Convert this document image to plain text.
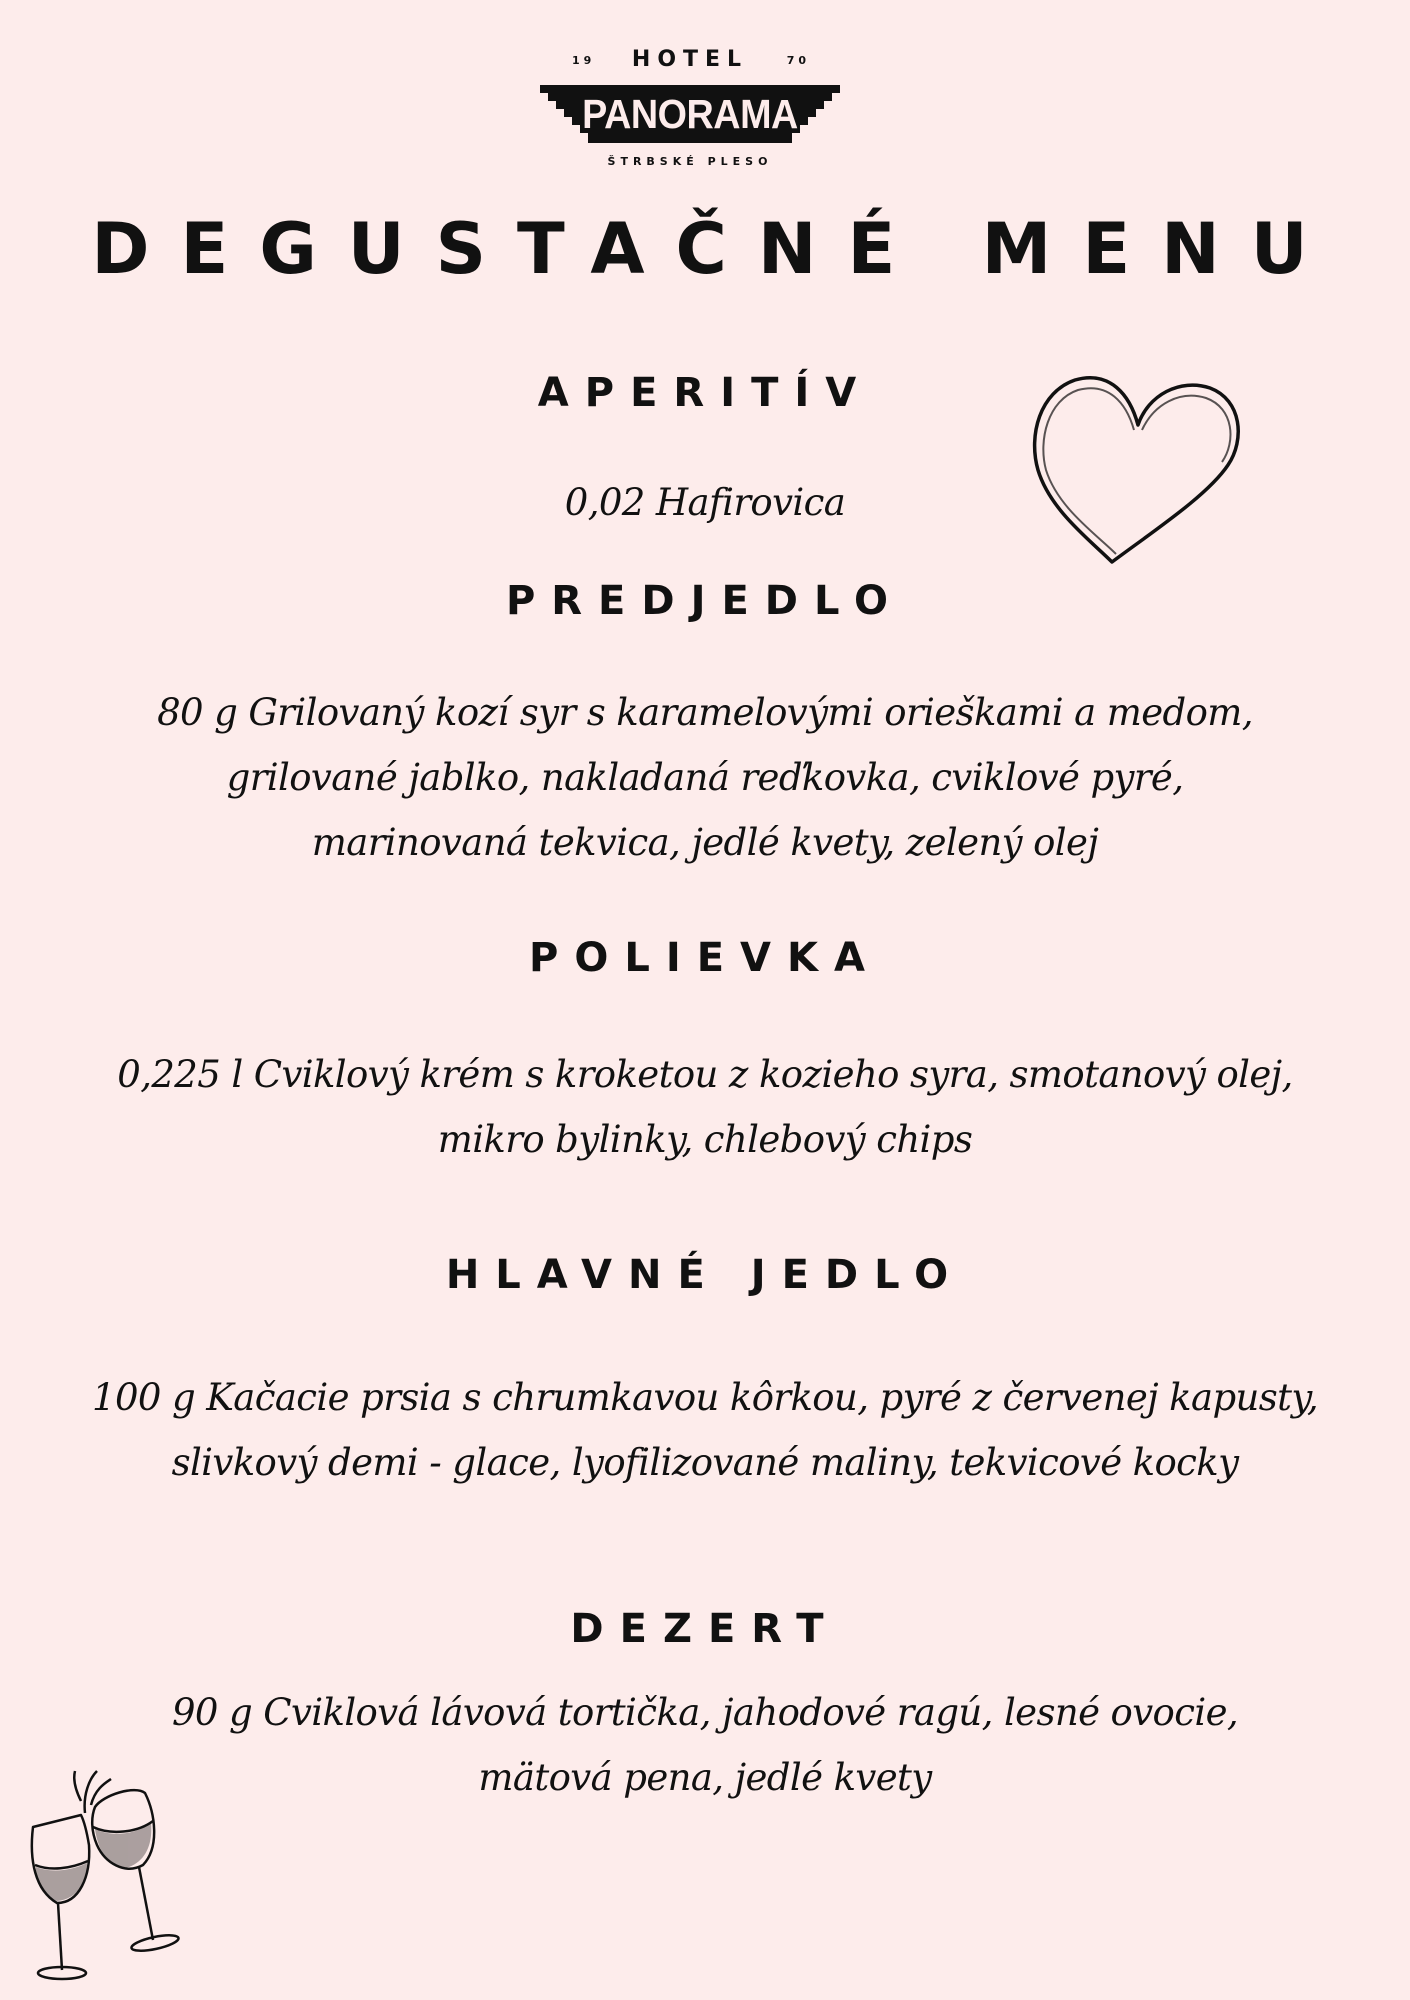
19	HOTEL	70
PANORAMA
ŠTRBSKÉ PLESO
DEGUSTAČNÉ MENU
APERITÍV
0,02 Hafirovica
PREDJEDLO
80 g Grilovaný kozí syr s karamelovými orieškami a medom,
grilované jablko, nakladaná reďkovka, cviklové pyré,
marinovaná tekvica, jedlé kvety, zelený olej
POLIEVKA
0,225 l Cviklový krém s kroketou z kozieho syra, smotanový olej,
mikro bylinky, chlebový chips
HLAVNÉ JEDLO
100 g Kačacie prsia s chrumkavou kôrkou, pyré z červenej kapusty,
slivkový demi - glace, lyofilizované maliny, tekvicové kocky
DEZERT
90 g Cviklová lávová tortička, jahodové ragú, lesné ovocie,
mätová pena, jedlé kvety
